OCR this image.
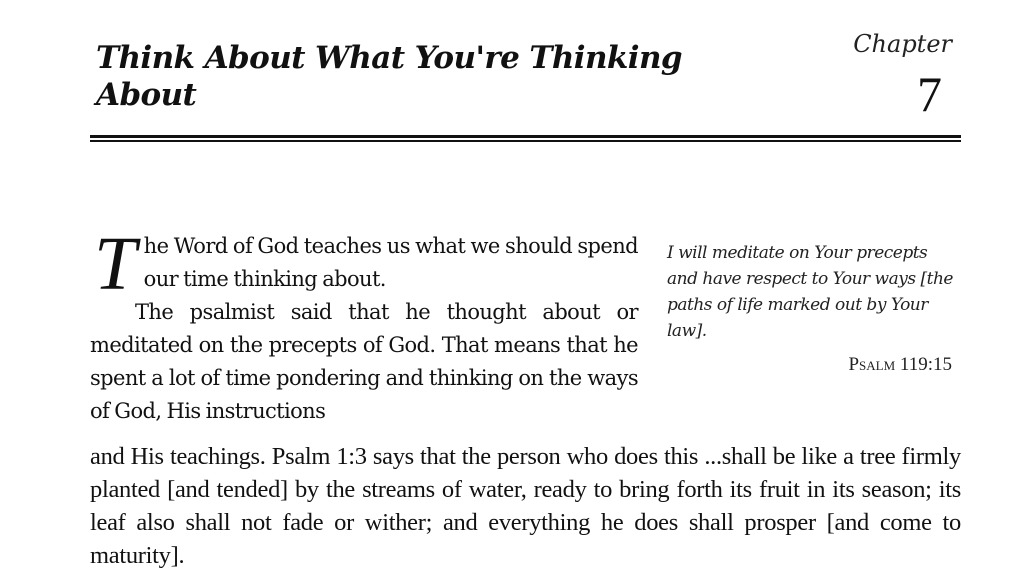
Think About What You're Thinking About
Chapter
7

The Word of God teaches us what we should spend our time thinking about.

The psalmist said that he thought about or meditated on the precepts of God. That means that he spent a lot of time pondering and thinking on the ways of God, His instructions

and His teachings. Psalm 1:3 says that the person who does this ...shall be like a tree firmly planted [and tended] by the streams of water, ready to bring forth its fruit in its season; its leaf also shall not fade or wither; and everything he does shall prosper [and come to maturity].

I will meditate on Your precepts and have respect to Your ways [the paths of life marked out by Your law].
Psalm 119:15
